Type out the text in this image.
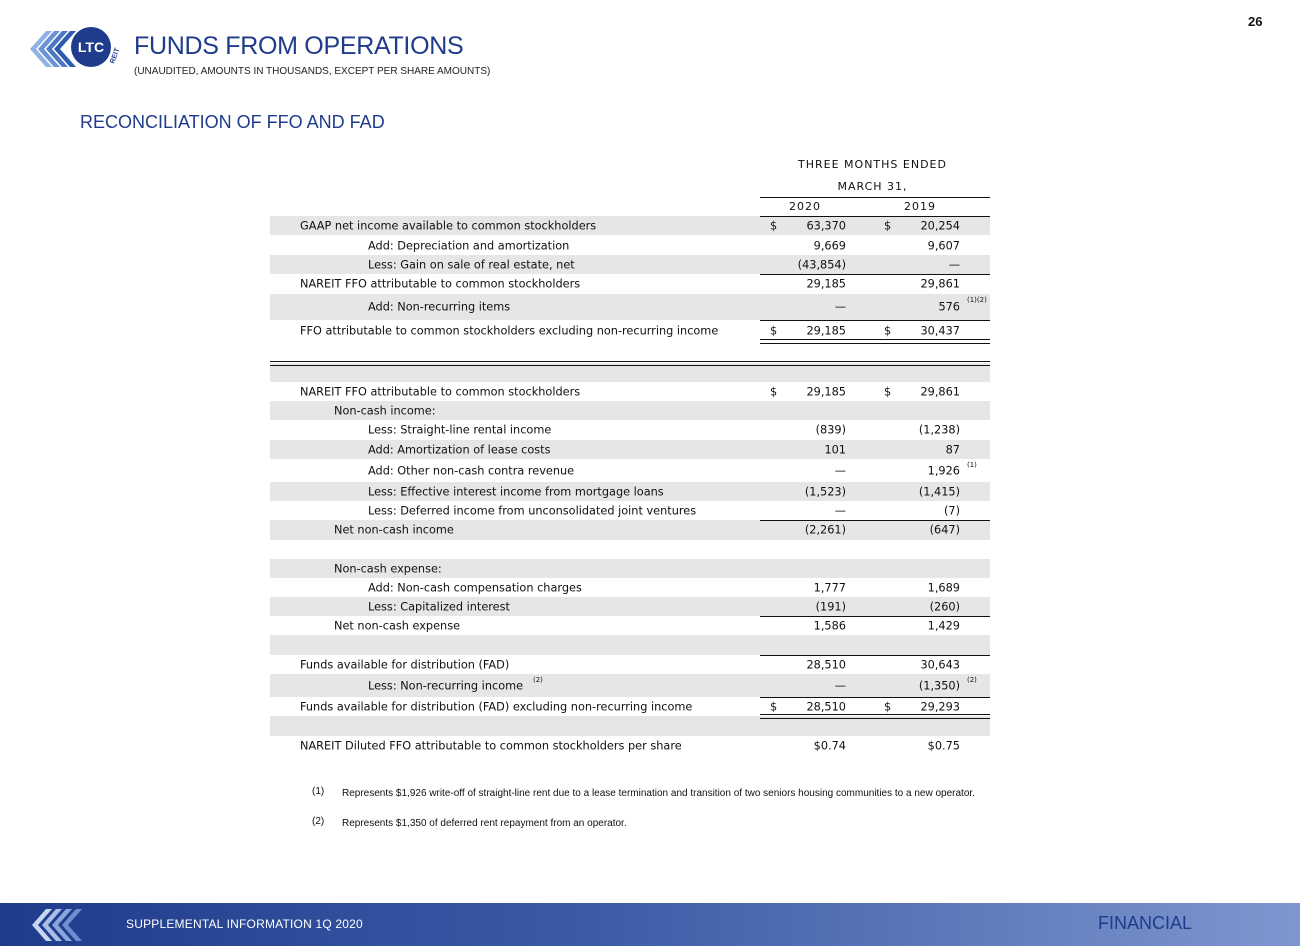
LTC
REIT FUNDS FROM OPERATIONS
(UNAUDITED, AMOUNTS IN THOUSANDS, EXCEPT PER SHARE AMOUNTS)
RECONCILIATION OF FFO AND FAD
THREE MONTHS ENDED
MARCH 31,
2020	2019
GAAP net income available to common stockholders	$	63,370	$	20,254
Add: Depreciation and amortization	9,669	9,607
Less: Gain on sale of real estate, net	(43,854)	—
NAREIT FFO attributable to common stockholders	29,185	29,861
Add: Non-recurring items	—	576
(1)(2)
FFO attributable to common stockholders excluding non-recurring income	$	29,185	$	30,437
NAREIT FFO attributable to common stockholders	$	29,185	$	29,861
Non-cash income:
Less: Straight-line rental income	(839)	(1,238)
Add: Amortization of lease costs	101	87
Add: Other non-cash contra revenue	—	1,926 (1)
Less: Effective interest income from mortgage loans	(1,523)	(1,415)
Less: Deferred income from unconsolidated joint ventures	—	(7)
Net non-cash income	(2,261)	(647)
Non-cash expense:
Add: Non-cash compensation charges	1,777	1,689
Less: Capitalized interest	(191)	(260)
Net non-cash expense	1,586	1,429
Funds available for distribution (FAD)	28,510	30,643
Less: Non-recurring income (2)	—	(1,350) (2)
Funds available for distribution (FAD) excluding non-recurring income	$	28,510	$	29,293
NAREIT Diluted FFO attributable to common stockholders per share	$0.74	$0.75
(1) Represents $1,926 write-off of straight-line rent due to a lease termination and transition of two seniors housing communities to a new operator.
(2) Represents $1,350 of deferred rent repayment from an operator.
SUPPLEMENTAL INFORMATION 1Q 2020	FINANCIAL
26
